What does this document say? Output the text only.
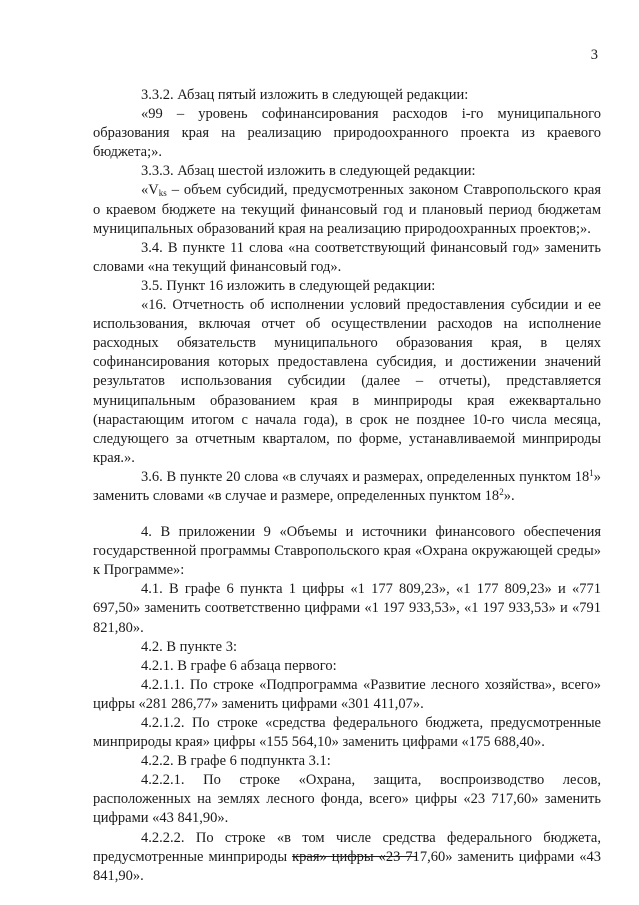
3

3.3.2. Абзац пятый изложить в следующей редакции:

«99 – уровень софинансирования расходов i-го муниципального образования края на реализацию природоохранного проекта из краевого бюджета;».

3.3.3. Абзац шестой изложить в следующей редакции:

«$V_{ks}$ – объем субсидий, предусмотренных законом Ставропольского края о краевом бюджете на текущий финансовый год и плановый период бюджетам муниципальных образований края на реализацию природоохранных проектов;».

3.4. В пункте 11 слова «на соответствующий финансовый год» заменить словами «на текущий финансовый год».

3.5. Пункт 16 изложить в следующей редакции:

«16. Отчетность об исполнении условий предоставления субсидии и ее использования, включая отчет об осуществлении расходов на исполнение расходных обязательств муниципального образования края, в целях софинансирования которых предоставлена субсидия, и достижении значений результатов использования субсидии (далее – отчеты), представляется муниципальным образованием края в минприроды края ежеквартально (нарастающим итогом с начала года), в срок не позднее 10-го числа месяца, следующего за отчетным кварталом, по форме, устанавливаемой минприроды края.».

3.6. В пункте 20 слова «в случаях и размерах, определенных пунктом $18^1$» заменить словами «в случае и размере, определенных пунктом $18^2$».

4. В приложении 9 «Объемы и источники финансового обеспечения государственной программы Ставропольского края «Охрана окружающей среды» к Программе»:

4.1. В графе 6 пункта 1 цифры «1 177 809,23», «1 177 809,23» и «771 697,50» заменить соответственно цифрами «1 197 933,53», «1 197 933,53» и «791 821,80».

4.2. В пункте 3:

4.2.1. В графе 6 абзаца первого:

4.2.1.1. По строке «Подпрограмма «Развитие лесного хозяйства», всего» цифры «281 286,77» заменить цифрами «301 411,07».

4.2.1.2. По строке «средства федерального бюджета, предусмотренные минприроды края» цифры «155 564,10» заменить цифрами «175 688,40».

4.2.2. В графе 6 подпункта 3.1:

4.2.2.1. По строке «Охрана, защита, воспроизводство лесов, расположенных на землях лесного фонда, всего» цифры «23 717,60» заменить цифрами «43 841,90».

4.2.2.2. По строке «в том числе средства федерального бюджета, предусмотренные минприроды края» цифры «23 717,60» заменить цифрами «43 841,90».
